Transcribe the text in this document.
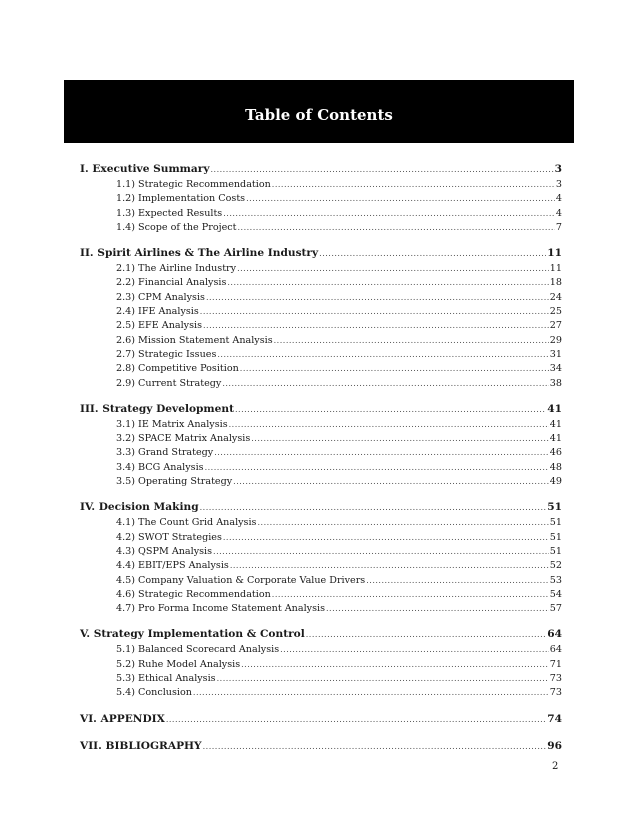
Table of Contents
I. Executive Summary .....	3
1.1) Strategic Recommendation .....	3
1.2) Implementation Costs .....	4
1.3) Expected Results .....	4
1.4) Scope of the Project .....	7
II. Spirit Airlines & The Airline Industry .....	11
2.1) The Airline Industry .....	11
2.2) Financial Analysis .....	18
2.3) CPM Analysis .....	24
2.4) IFE Analysis .....	25
2.5) EFE Analysis .....	27
2.6) Mission Statement Analysis .....	29
2.7) Strategic Issues .....	31
2.8) Competitive Position .....	34
2.9) Current Strategy .....	38
III. Strategy Development .....	41
3.1) IE Matrix Analysis .....	41
3.2) SPACE Matrix Analysis .....	41
3.3) Grand Strategy .....	46
3.4) BCG Analysis .....	48
3.5) Operating Strategy .....	49
IV. Decision Making .....	51
4.1) The Count Grid Analysis .....	51
4.2) SWOT Strategies .....	51
4.3) QSPM Analysis .....	51
4.4) EBIT/EPS Analysis .....	52
4.5) Company Valuation & Corporate Value Drivers .....	53
4.6) Strategic Recommendation .....	54
4.7) Pro Forma Income Statement Analysis .....	57
V. Strategy Implementation & Control .....	64
5.1) Balanced Scorecard Analysis .....	64
5.2) Ruhe Model Analysis .....	71
5.3) Ethical Analysis .....	73
5.4) Conclusion .....	73
VI. APPENDIX .....	74
VII. BIBLIOGRAPHY .....	96
2
